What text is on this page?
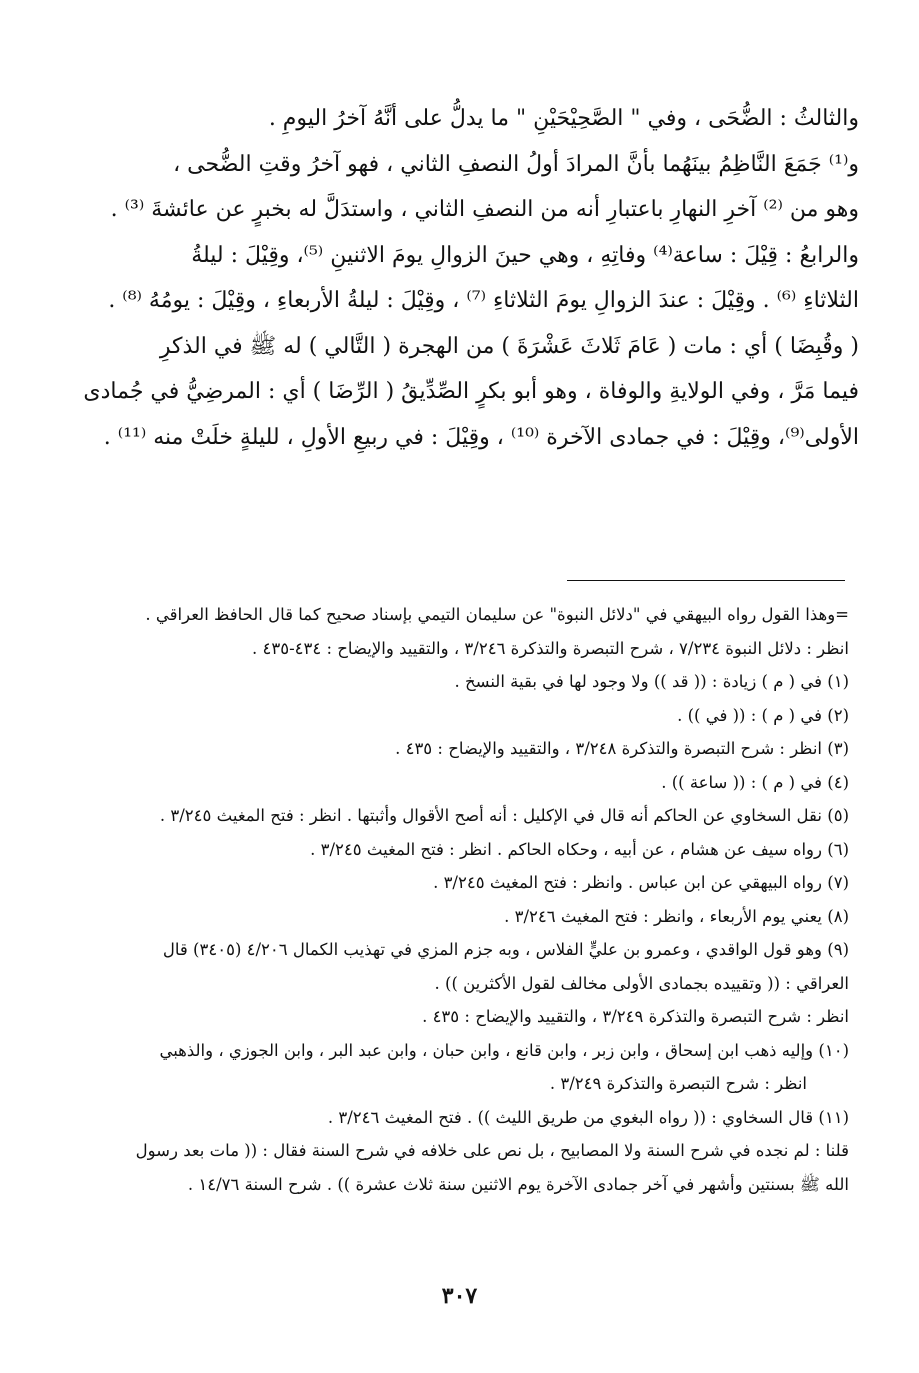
والثالثُ : الضُّحَى ، وفي " الصَّحِيْحَيْنِ " ما يدلُّ على أنَّهُ آخرُ اليومِ .
و⁽¹⁾ جَمَعَ النَّاظِمُ بينَهُما بأنَّ المرادَ أولُ النصفِ الثاني ، فهو آخرُ وقتِ الضُّحى ،
وهو من ⁽²⁾ آخرِ النهارِ باعتبارِ أنه من النصفِ الثاني ، واستدَلَّ له بخبرٍ عن عائشةَ ⁽³⁾ .
والرابعُ : قِيْلَ : ساعة⁽⁴⁾ وفاتِهِ ، وهي حينَ الزوالِ يومَ الاثنينِ ⁽⁵⁾، وقِيْلَ : ليلةُ
الثلاثاءِ ⁽⁶⁾ . وقِيْلَ : عندَ الزوالِ يومَ الثلاثاءِ ⁽⁷⁾ ، وقِيْلَ : ليلةُ الأربعاءِ ، وقِيْلَ : يومُهُ ⁽⁸⁾ .
( وقُبِضَا ) أي : مات ( عَامَ ثَلاثَ عَشْرَةَ ) من الهجرة ( التَّالي ) له ﷺ في الذكرِ
فيما مَرَّ ، وفي الولايةِ والوفاة ، وهو أبو بكرٍ الصِّدِّيقُ ( الرِّضَا ) أي : المرضِيُّ في جُمادى
الأولى⁽⁹⁾، وقِيْلَ : في جمادى الآخرة ⁽¹⁰⁾ ، وقِيْلَ : في ربيعِ الأولِ ، لليلةٍ خلَتْ منه ⁽¹¹⁾ .
=وهذا القول رواه البيهقي في "دلائل النبوة" عن سليمان التيمي بإسناد صحيح كما قال الحافظ العراقي .
انظر : دلائل النبوة ٧/٢٣٤ ، شرح التبصرة والتذكرة ٣/٢٤٦ ، والتقييد والإيضاح : ٤٣٤-٤٣٥ .
(١) في ( م ) زيادة : (( قد )) ولا وجود لها في بقية النسخ .
(٢) في ( م ) : (( في )) .
(٣) انظر : شرح التبصرة والتذكرة ٣/٢٤٨ ، والتقييد والإيضاح : ٤٣٥ .
(٤) في ( م ) : (( ساعة )) .
(٥) نقل السخاوي عن الحاكم أنه قال في الإكليل : أنه أصح الأقوال وأثبتها . انظر : فتح المغيث ٣/٢٤٥ .
(٦) رواه سيف عن هشام ، عن أبيه ، وحكاه الحاكم . انظر : فتح المغيث ٣/٢٤٥ .
(٧) رواه البيهقي عن ابن عباس . وانظر : فتح المغيث ٣/٢٤٥ .
(٨) يعني يوم الأربعاء ، وانظر : فتح المغيث ٣/٢٤٦ .
(٩) وهو قول الواقدي ، وعمرو بن عليٍّ الفلاس ، وبه جزم المزي في تهذيب الكمال ٤/٢٠٦ (٣٤٠٥) قال
العراقي : (( وتقييده بجمادى الأولى مخالف لقول الأكثرين )) .
انظر : شرح التبصرة والتذكرة ٣/٢٤٩ ، والتقييد والإيضاح : ٤٣٥ .
(١٠) وإليه ذهب ابن إسحاق ، وابن زبر ، وابن قانع ، وابن حبان ، وابن عبد البر ، وابن الجوزي ، والذهبي
انظر : شرح التبصرة والتذكرة ٣/٢٤٩ .
(١١) قال السخاوي : (( رواه البغوي من طريق الليث )) . فتح المغيث ٣/٢٤٦ .
قلنا : لم نجده في شرح السنة ولا المصابيح ، بل نص على خلافه في شرح السنة فقال : (( مات بعد رسول
الله ﷺ بسنتين وأشهر في آخر جمادى الآخرة يوم الاثنين سنة ثلاث عشرة )) . شرح السنة ١٤/٧٦ .
٣٠٧
